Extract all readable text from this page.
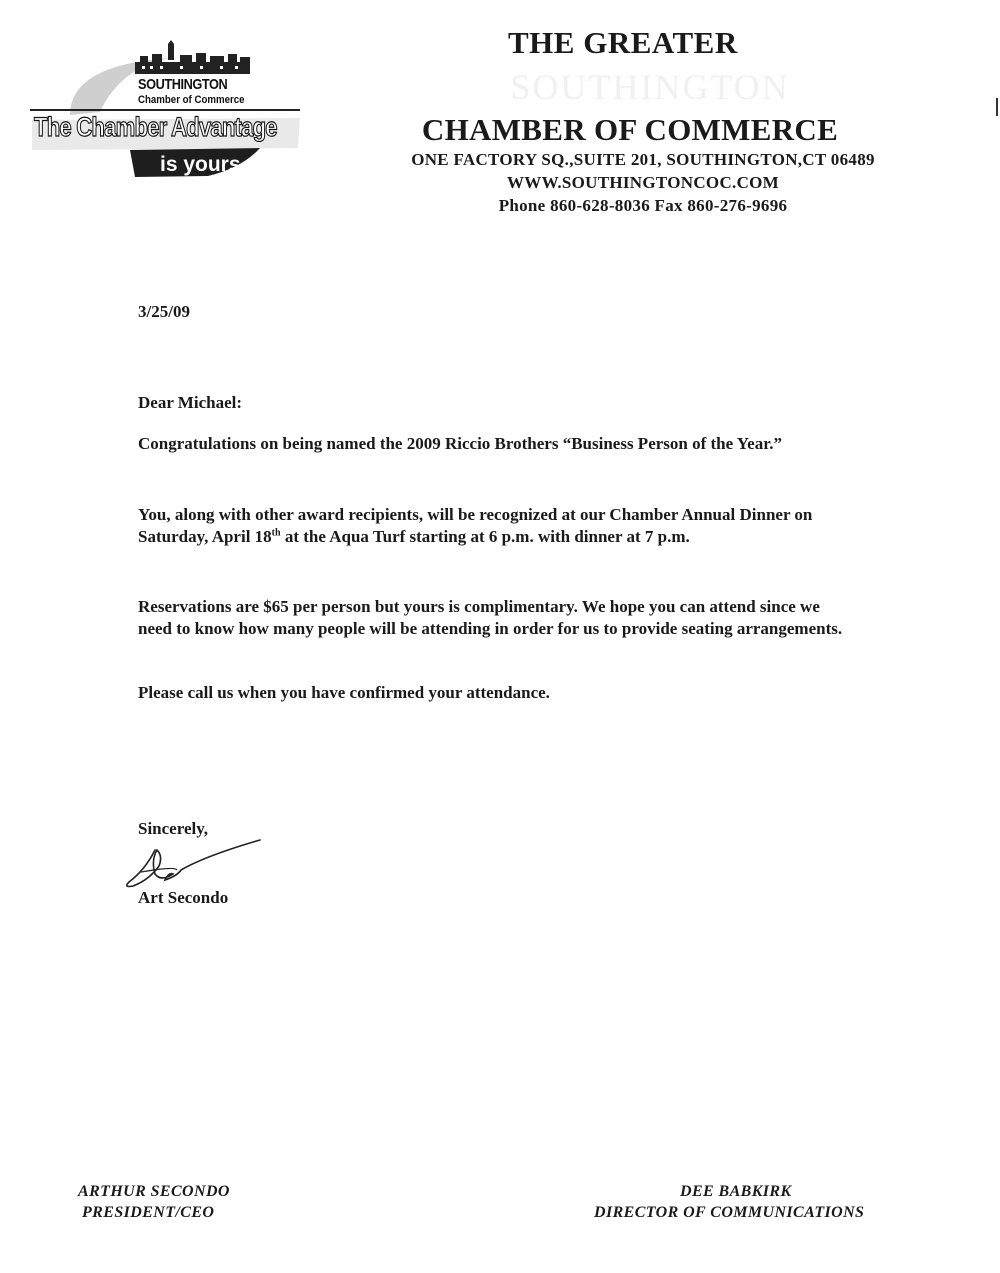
SOUTHINGTON
Chamber of Commerce
The Chamber Advantage
is yours
THE GREATER
SOUTHINGTON
CHAMBER OF COMMERCE
ONE FACTORY SQ.,SUITE 201, SOUTHINGTON,CT 06489
WWW.SOUTHINGTONCOC.COM
Phone 860-628-8036 Fax 860-276-9696
3/25/09
Dear Michael:
Congratulations on being named the 2009 Riccio Brothers “Business Person of the Year.”
You, along with other award recipients, will be recognized at our Chamber Annual Dinner on Saturday, April 18th at the Aqua Turf starting at 6 p.m. with dinner at 7 p.m.
Reservations are $65 per person but yours is complimentary. We hope you can attend since we need to know how many people will be attending in order for us to provide seating arrangements.
Please call us when you have confirmed your attendance.
Sincerely,
Art Secondo
ARTHUR SECONDO
PRESIDENT/CEO
DEE BABKIRK
DIRECTOR OF COMMUNICATIONS
